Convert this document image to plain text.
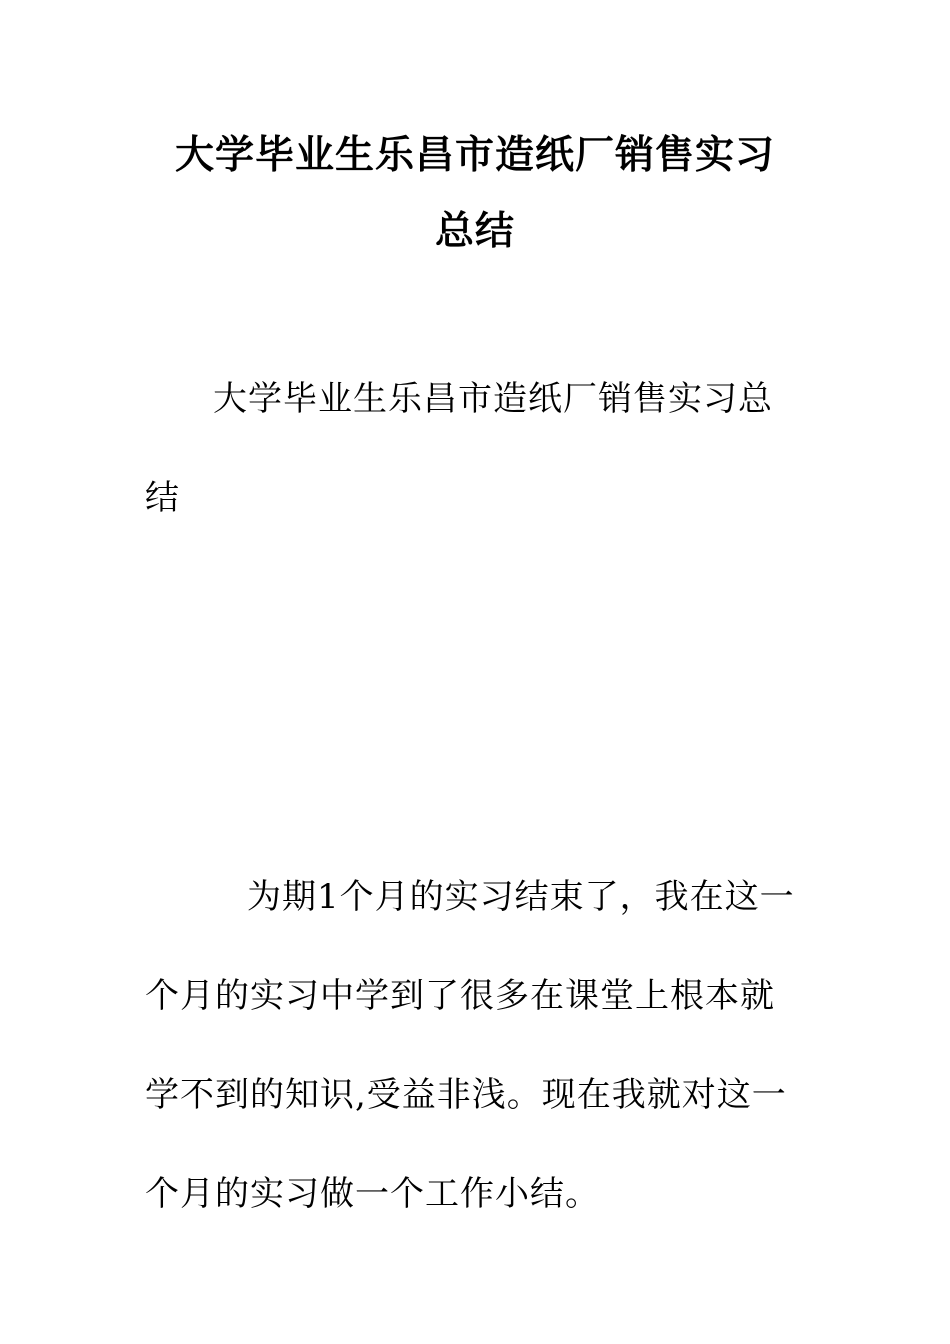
大学毕业生乐昌市造纸厂销售实习
总结

大学毕业生乐昌市造纸厂销售实习总结

为期1个月的实习结束了，我在这一个月的实习中学到了很多在课堂上根本就学不到的知识,受益非浅。现在我就对这一个月的实习做一个工作小结。
